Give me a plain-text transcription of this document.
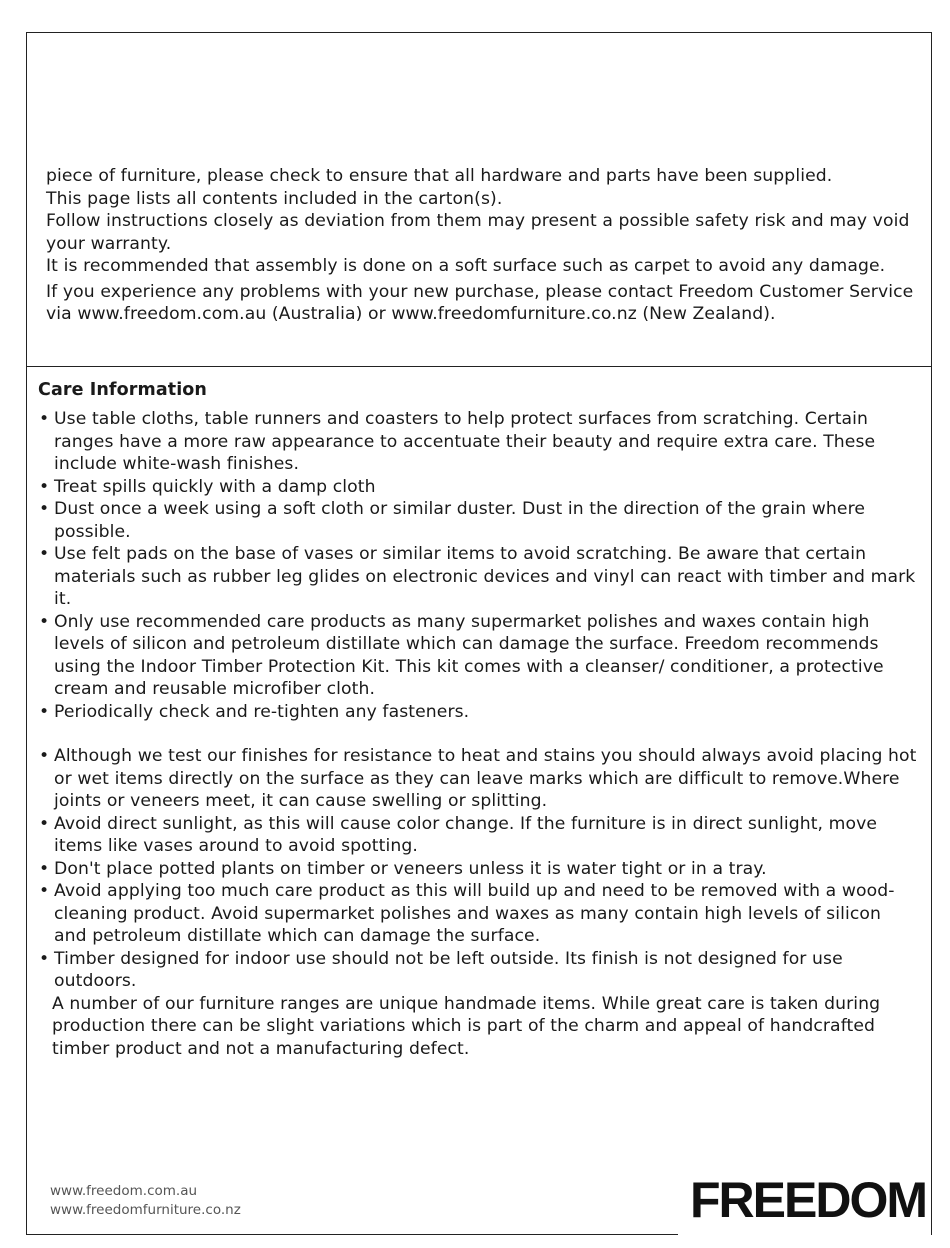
piece of furniture, please check to ensure that all hardware and parts have been supplied.

This page lists all contents included in the carton(s).

Follow instructions closely as deviation from them may present a possible safety risk and may void your warranty.

It is recommended that assembly is done on a soft surface such as carpet to avoid any damage.

If you experience any problems with your new purchase, please contact Freedom Customer Service via www.freedom.com.au (Australia) or www.freedomfurniture.co.nz (New Zealand).

Care Information
• Use table cloths, table runners and coasters to help protect surfaces from scratching. Certain ranges have a more raw appearance to accentuate their beauty and require extra care. These include white-wash finishes.
• Treat spills quickly with a damp cloth
• Dust once a week using a soft cloth or similar duster. Dust in the direction of the grain where possible.
• Use felt pads on the base of vases or similar items to avoid scratching. Be aware that certain materials such as rubber leg glides on electronic devices and vinyl can react with timber and mark it.
• Only use recommended care products as many supermarket polishes and waxes contain high levels of silicon and petroleum distillate which can damage the surface. Freedom recommends using the Indoor Timber Protection Kit. This kit comes with a cleanser/ conditioner, a protective cream and reusable microfiber cloth.
• Periodically check and re-tighten any fasteners.
• Although we test our finishes for resistance to heat and stains you should always avoid placing hot or wet items directly on the surface as they can leave marks which are difficult to remove.Where joints or veneers meet, it can cause swelling or splitting.
• Avoid direct sunlight, as this will cause color change. If the furniture is in direct sunlight, move items like vases around to avoid spotting.
• Don't place potted plants on timber or veneers unless it is water tight or in a tray.
• Avoid applying too much care product as this will build up and need to be removed with a wood-cleaning product. Avoid supermarket polishes and waxes as many contain high levels of silicon and petroleum distillate which can damage the surface.
• Timber designed for indoor use should not be left outside. Its finish is not designed for use outdoors.

A number of our furniture ranges are unique handmade items. While great care is taken during production there can be slight variations which is part of the charm and appeal of handcrafted timber product and not a manufacturing defect.

www.freedom.com.au
www.freedomfurniture.co.nz	FREEDOM
